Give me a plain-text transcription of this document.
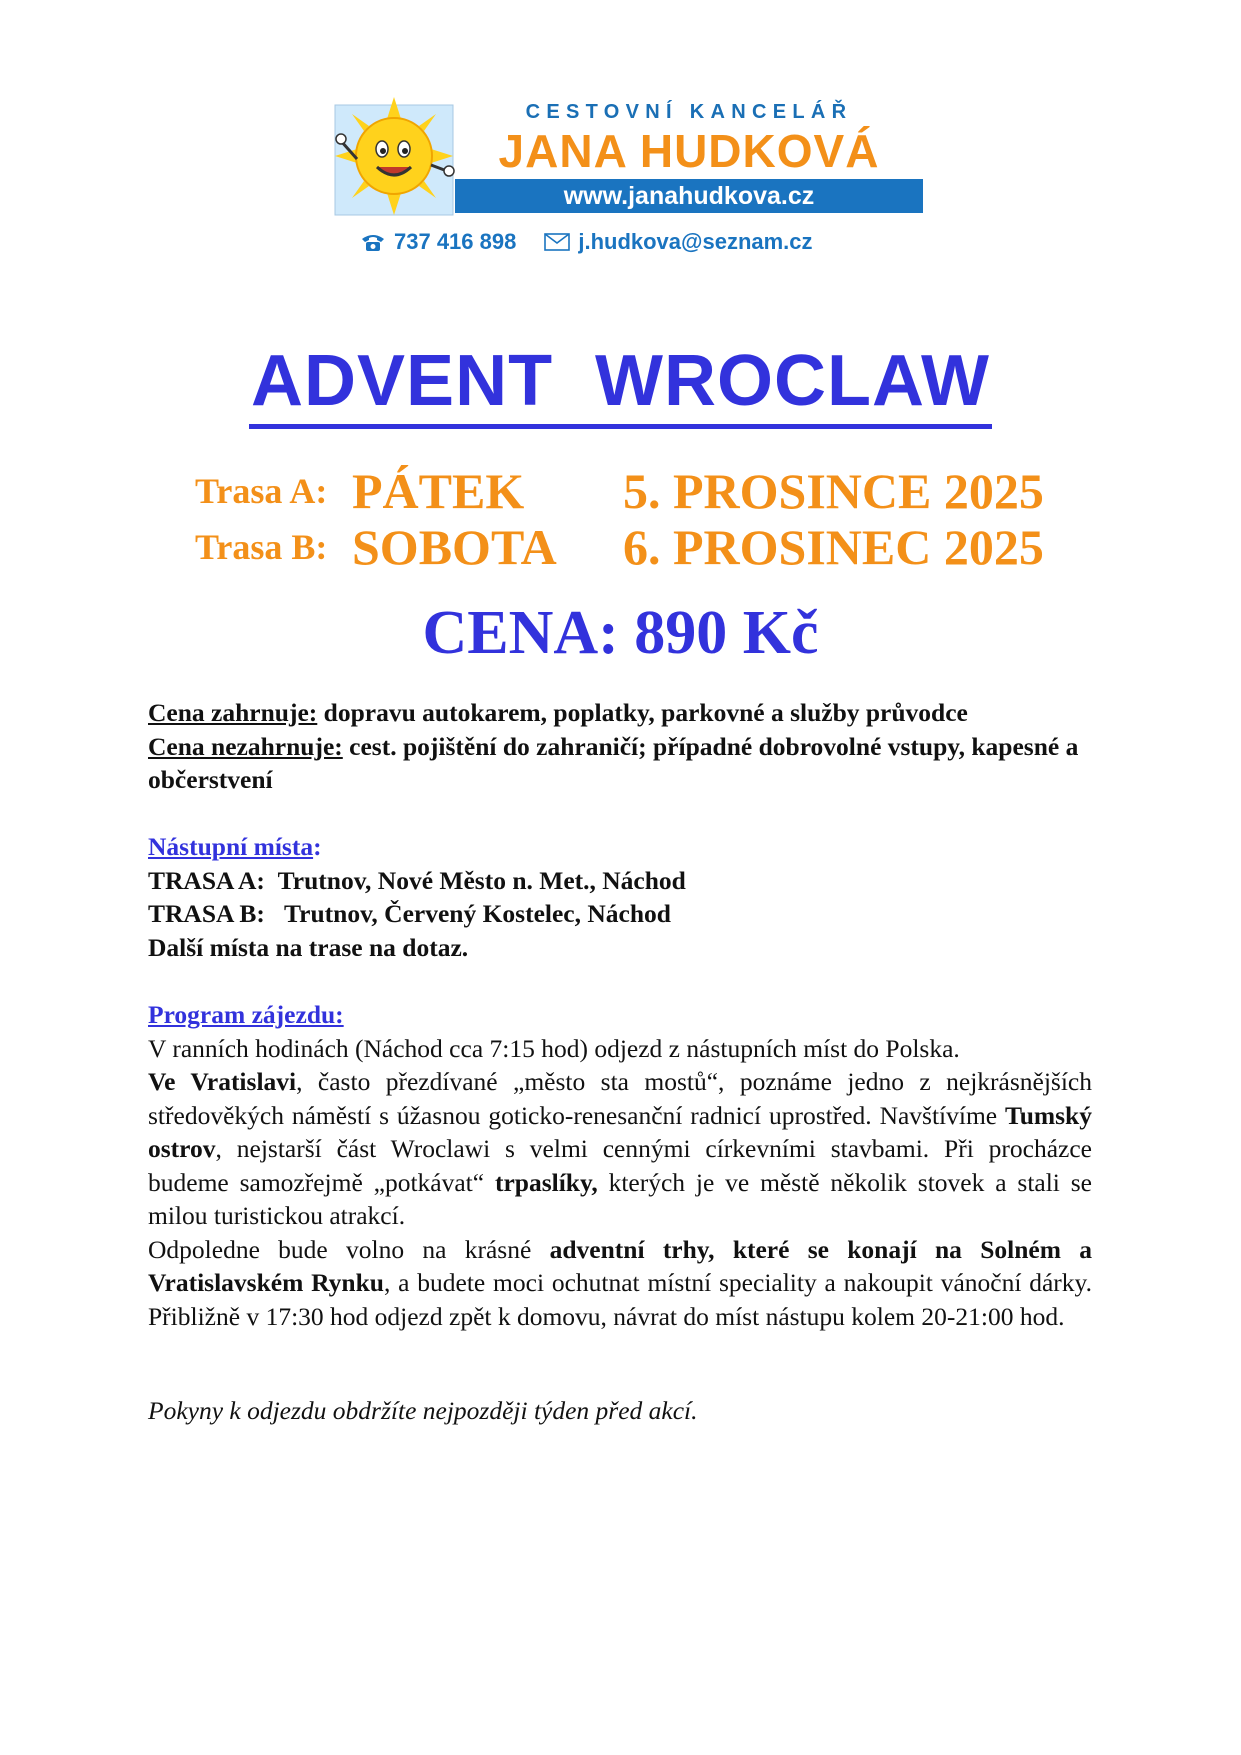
CESTOVNÍ KANCELÁŘ
JANA HUDKOVÁ
www.janahudkova.cz
737 416 898	j.hudkova@seznam.cz
ADVENT  WROCLAW
Trasa A: PÁTEK 5. PROSINCE 2025
Trasa B: SOBOTA 6. PROSINEC 2025
CENA: 890 Kč
Cena zahrnuje: dopravu autokarem, poplatky, parkovné a služby průvodce
Cena nezahrnuje: cest. pojištění do zahraničí; případné dobrovolné vstupy, kapesné a občerstvení
Nástupní místa:
TRASA A: Trutnov, Nové Město n. Met., Náchod
TRASA B: Trutnov, Červený Kostelec, Náchod
Další místa na trase na dotaz.
Program zájezdu:
V ranních hodinách (Náchod cca 7:15 hod) odjezd z nástupních míst do Polska.
Ve Vratislavi, často přezdívané „město sta mostů“, poznáme jedno z nejkrásnějších středověkých náměstí s úžasnou goticko-renesanční radnicí uprostřed. Navštívíme Tumský ostrov, nejstarší část Wroclawi s velmi cennými církevními stavbami. Při procházce budeme samozřejmě „potkávat“ trpaslíky, kterých je ve městě několik stovek a stali se milou turistickou atrakcí.
Odpoledne bude volno na krásné adventní trhy, které se konají na Solném a Vratislavském Rynku, a budete moci ochutnat místní speciality a nakoupit vánoční dárky. Přibližně v 17:30 hod odjezd zpět k domovu, návrat do míst nástupu kolem 20-21:00 hod.
Pokyny k odjezdu obdržíte nejpozději týden před akcí.
